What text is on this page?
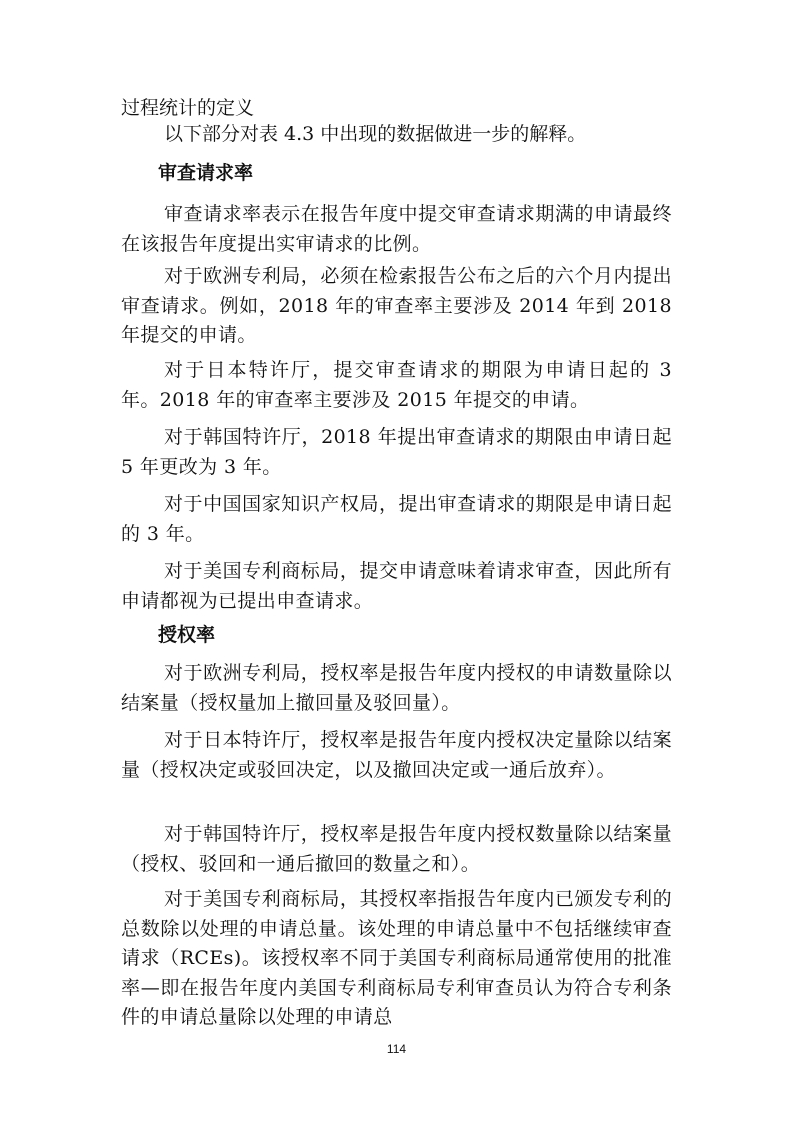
过程统计的定义

以下部分对表 4.3 中出现的数据做进一步的解释。

审查请求率

审查请求率表示在报告年度中提交审查请求期满的申请最终在该报告年度提出实审请求的比例。

对于欧洲专利局，必须在检索报告公布之后的六个月内提出审查请求。例如，2018 年的审查率主要涉及 2014 年到 2018 年提交的申请。

对于日本特许厅，提交审查请求的期限为申请日起的 3 年。2018 年的审查率主要涉及 2015 年提交的申请。

对于韩国特许厅，2018 年提出审查请求的期限由申请日起 5 年更改为 3 年。

对于中国国家知识产权局，提出审查请求的期限是申请日起的 3 年。

对于美国专利商标局，提交申请意味着请求审查，因此所有申请都视为已提出申查请求。

授权率

对于欧洲专利局，授权率是报告年度内授权的申请数量除以结案量（授权量加上撤回量及驳回量）。

对于日本特许厅，授权率是报告年度内授权决定量除以结案量（授权决定或驳回决定，以及撤回决定或一通后放弃）。

对于韩国特许厅，授权率是报告年度内授权数量除以结案量（授权、驳回和一通后撤回的数量之和）。

对于美国专利商标局，其授权率指报告年度内已颁发专利的总数除以处理的申请总量。该处理的申请总量中不包括继续审查请求（RCEs)。该授权率不同于美国专利商标局通常使用的批准率—即在报告年度内美国专利商标局专利审查员认为符合专利条件的申请总量除以处理的申请总

114
